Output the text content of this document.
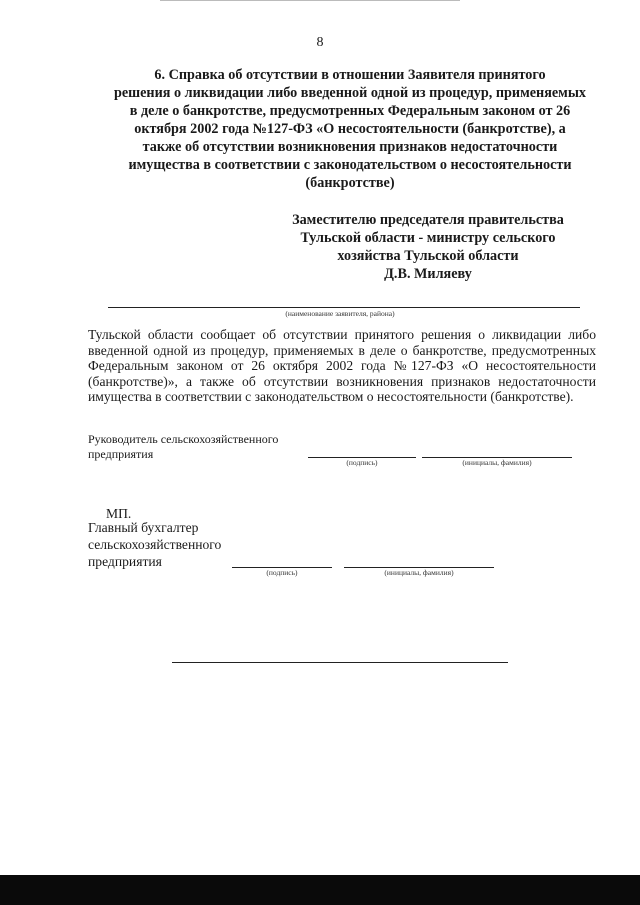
8
6. Справка об отсутствии в отношении Заявителя принятого
решения о ликвидации либо введенной одной из процедур, применяемых
в деле о банкротстве, предусмотренных Федеральным законом от 26
октября 2002 года №127-ФЗ «О несостоятельности (банкротстве), а
также об отсутствии возникновения признаков недостаточности
имущества в соответствии с законодательством о несостоятельности
(банкротстве)
Заместителю председателя правительства
Тульской области - министру сельского
хозяйства Тульской области
Д.В. Миляеву
(наименование заявителя, района)
Тульской области сообщает об отсутствии принятого решения о ликвидации либо введенной одной из процедур, применяемых в деле о банкротстве, предусмотренных Федеральным законом от 26 октября 2002 года №127-ФЗ «О несостоятельности (банкротстве)», а также об отсутствии возникновения признаков недостаточности имущества в соответствии с законодательством о несостоятельности (банкротстве).
Руководитель сельскохозяйственного
предприятия
(подпись)	(инициалы, фамилия)
МП.
Главный бухгалтер
сельскохозяйственного
предприятия
(подпись)	(инициалы, фамилия)
